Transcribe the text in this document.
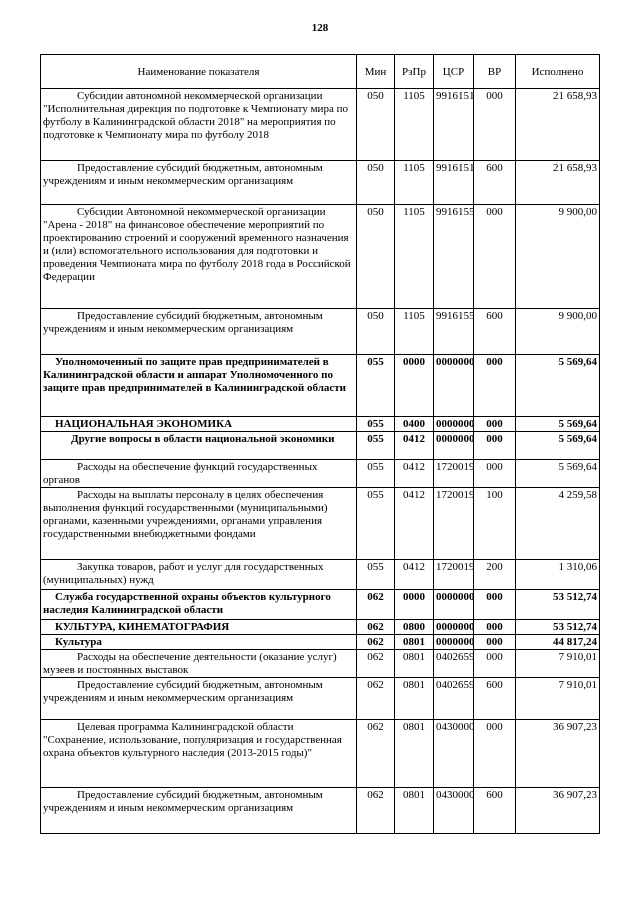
128
Наименование показателя	Мин	РзПр	ЦСР	ВР	Исполнено
Субсидии автономной некоммерческой организации "Исполнительная дирекция по подготовке к Чемпионату мира по футболу в Калининградской области 2018" на мероприятия по подготовке к Чемпионату мира по футболу 2018	050	1105	9916151	000	21 658,93
Предоставление субсидий бюджетным, автономным учреждениям и иным некоммерческим организациям	050	1105	9916151	600	21 658,93
Субсидии Автономной некоммерческой организации "Арена - 2018" на финансовое обеспечение мероприятий по проектированию строений и сооружений временного назначения и (или) вспомогательного использования для подготовки и проведения Чемпионата мира по футболу 2018 года в Российской Федерации	050	1105	9916155	000	9 900,00
Предоставление субсидий бюджетным, автономным учреждениям и иным некоммерческим организациям	050	1105	9916155	600	9 900,00
Уполномоченный по защите прав предпринимателей в Калининградской области и аппарат Уполномоченного по защите прав предпринимателей в Калининградской области	055	0000	0000000	000	5 569,64
НАЦИОНАЛЬНАЯ ЭКОНОМИКА	055	0400	0000000	000	5 569,64
Другие вопросы в области национальной экономики	055	0412	0000000	000	5 569,64
Расходы на обеспечение функций государственных органов	055	0412	1720019	000	5 569,64
Расходы на выплаты персоналу в целях обеспечения выполнения функций государственными (муниципальными) органами, казенными учреждениями, органами управления государственными внебюджетными фондами	055	0412	1720019	100	4 259,58
Закупка товаров, работ и услуг для государственных (муниципальных) нужд	055	0412	1720019	200	1 310,06
Служба государственной охраны объектов культурного наследия Калининградской области	062	0000	0000000	000	53 512,74
КУЛЬТУРА, КИНЕМАТОГРАФИЯ	062	0800	0000000	000	53 512,74
Культура	062	0801	0000000	000	44 817,24
Расходы на обеспечение деятельности (оказание услуг) музеев и постоянных выставок	062	0801	0402659	000	7 910,01
Предоставление субсидий бюджетным, автономным учреждениям и иным некоммерческим организациям	062	0801	0402659	600	7 910,01
Целевая программа Калининградской области "Сохранение, использование, популяризация и государственная охрана объектов культурного наследия (2013-2015 годы)"	062	0801	0430000	000	36 907,23
Предоставление субсидий бюджетным, автономным учреждениям и иным некоммерческим организациям	062	0801	0430000	600	36 907,23
